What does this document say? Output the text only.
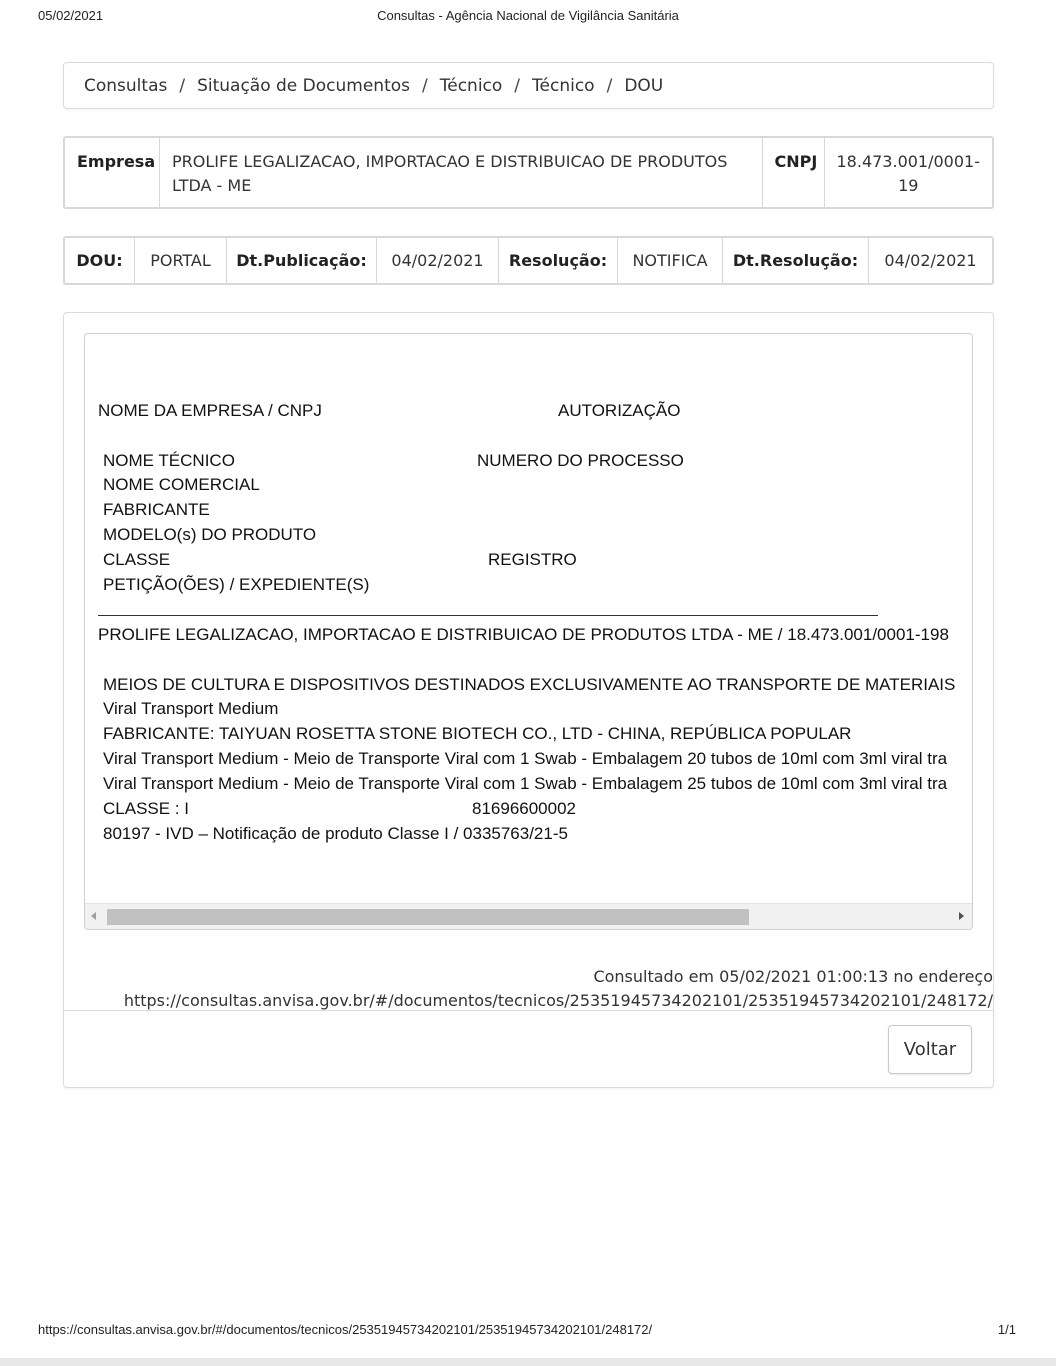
05/02/2021	Consultas - Agência Nacional de Vigilância Sanitária
Consultas / Situação de Documentos / Técnico / Técnico / DOU
Empresa	PROLIFE LEGALIZACAO, IMPORTACAO E DISTRIBUICAO DE PRODUTOS
LTDA - ME
CNPJ	18.473.001/0001-
19
DOU: PORTAL Dt.Publicação: 04/02/2021 Resolução: NOTIFICA Dt.Resolução: 04/02/2021
NOME DA EMPRESA / CNPJ	AUTORIZAÇÃO
NOME TÉCNICO	NUMERO DO PROCESSO
NOME COMERCIAL
FABRICANTE
MODELO(s) DO PRODUTO
CLASSE	REGISTRO
PETIÇÃO(ÕES) / EXPEDIENTE(S)
PROLIFE LEGALIZACAO, IMPORTACAO E DISTRIBUICAO DE PRODUTOS LTDA - ME / 18.473.001/0001-198
MEIOS DE CULTURA E DISPOSITIVOS DESTINADOS EXCLUSIVAMENTE AO TRANSPORTE DE MATERIAIS
Viral Transport Medium
FABRICANTE: TAIYUAN ROSETTA STONE BIOTECH CO., LTD - CHINA, REPÚBLICA POPULAR
Viral Transport Medium - Meio de Transporte Viral com 1 Swab - Embalagem 20 tubos de 10ml com 3ml viral tra
Viral Transport Medium - Meio de Transporte Viral com 1 Swab - Embalagem 25 tubos de 10ml com 3ml viral tra
CLASSE : I	81696600002
80197 - IVD – Notificação de produto Classe I / 0335763/21-5
Consultado em 05/02/2021 01:00:13 no endereço
https://consultas.anvisa.gov.br/#/documentos/tecnicos/25351945734202101/25351945734202101/248172/
Voltar
https://consultas.anvisa.gov.br/#/documentos/tecnicos/25351945734202101/25351945734202101/248172/	1/1
